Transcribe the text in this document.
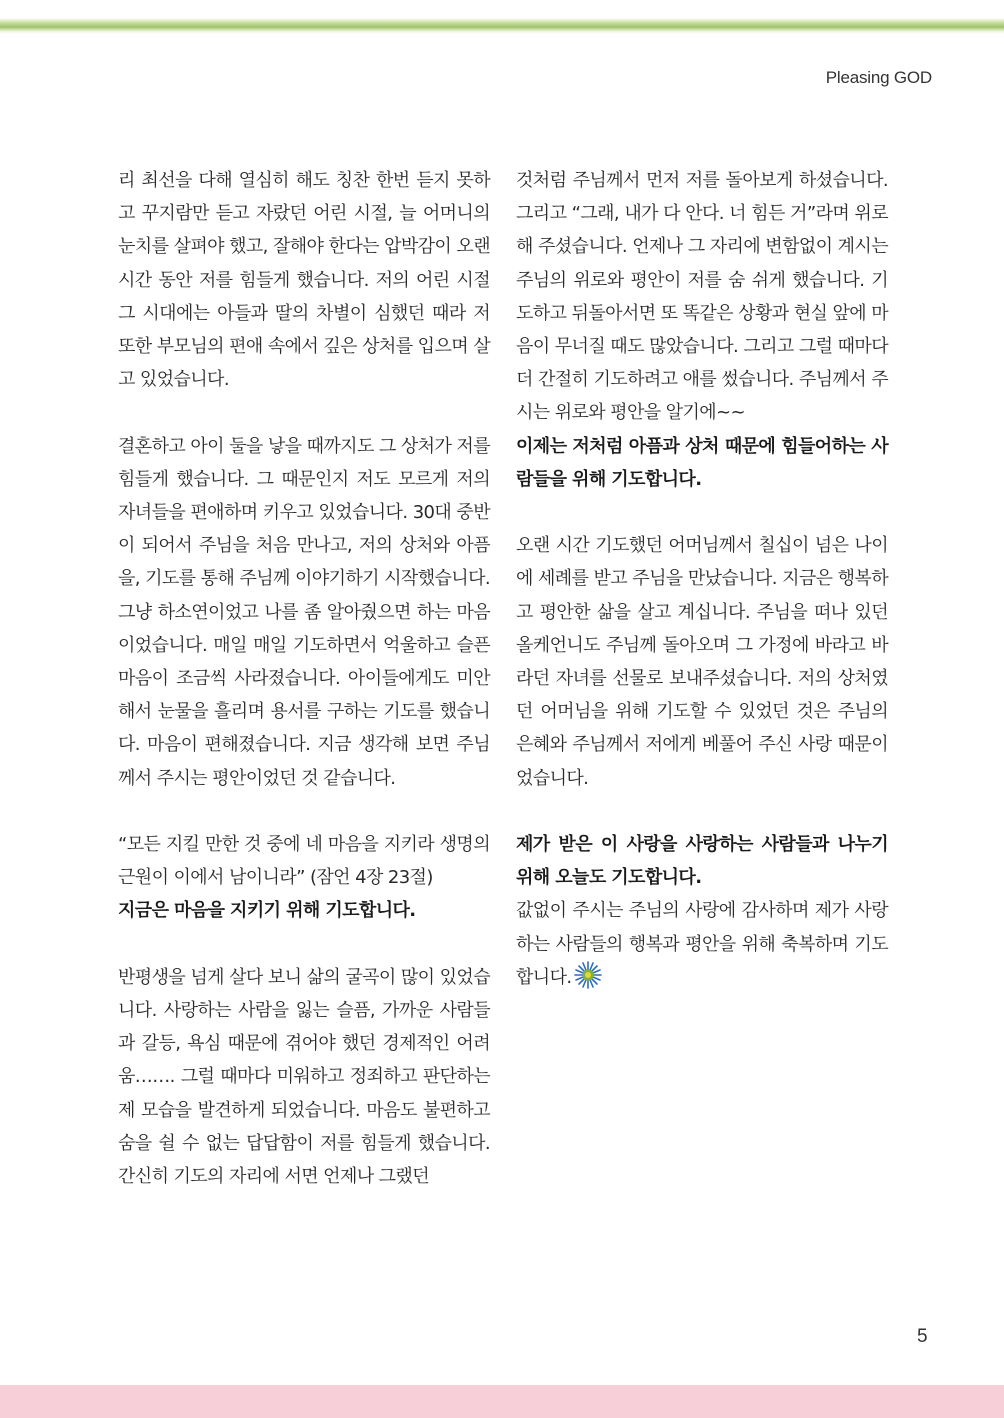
Pleasing GOD

리 최선을 다해 열심히 해도 칭찬 한번 듣지 못하고 꾸지람만 듣고 자랐던 어린 시절, 늘 어머니의 눈치를 살펴야 했고, 잘해야 한다는 압박감이 오랜 시간 동안 저를 힘들게 했습니다. 저의 어린 시절 그 시대에는 아들과 딸의 차별이 심했던 때라 저 또한 부모님의 편애 속에서 깊은 상처를 입으며 살고 있었습니다.

결혼하고 아이 둘을 낳을 때까지도 그 상처가 저를 힘들게 했습니다. 그 때문인지 저도 모르게 저의 자녀들을 편애하며 키우고 있었습니다. 30대 중반이 되어서 주님을 처음 만나고, 저의 상처와 아픔을, 기도를 통해 주님께 이야기하기 시작했습니다. 그냥 하소연이었고 나를 좀 알아줬으면 하는 마음이었습니다. 매일 매일 기도하면서 억울하고 슬픈 마음이 조금씩 사라졌습니다. 아이들에게도 미안해서 눈물을 흘리며 용서를 구하는 기도를 했습니다. 마음이 편해졌습니다. 지금 생각해 보면 주님께서 주시는 평안이었던 것 같습니다.

“모든 지킬 만한 것 중에 네 마음을 지키라 생명의 근원이 이에서 남이니라” (잠언 4장 23절)
지금은 마음을 지키기 위해 기도합니다.

반평생을 넘게 살다 보니 삶의 굴곡이 많이 있었습니다. 사랑하는 사람을 잃는 슬픔, 가까운 사람들과 갈등, 욕심 때문에 겪어야 했던 경제적인 어려움……. 그럴 때마다 미워하고 정죄하고 판단하는 제 모습을 발견하게 되었습니다. 마음도 불편하고 숨을 쉴 수 없는 답답함이 저를 힘들게 했습니다. 간신히 기도의 자리에 서면 언제나 그랬던

것처럼 주님께서 먼저 저를 돌아보게 하셨습니다. 그리고 “그래, 내가 다 안다. 너 힘든 거”라며 위로해 주셨습니다. 언제나 그 자리에 변함없이 계시는 주님의 위로와 평안이 저를 숨 쉬게 했습니다. 기도하고 뒤돌아서면 또 똑같은 상황과 현실 앞에 마음이 무너질 때도 많았습니다. 그리고 그럴 때마다 더 간절히 기도하려고 애를 썼습니다. 주님께서 주시는 위로와 평안을 알기에~~
이제는 저처럼 아픔과 상처 때문에 힘들어하는 사람들을 위해 기도합니다.

오랜 시간 기도했던 어머님께서 칠십이 넘은 나이에 세례를 받고 주님을 만났습니다. 지금은 행복하고 평안한 삶을 살고 계십니다. 주님을 떠나 있던 올케언니도 주님께 돌아오며 그 가정에 바라고 바라던 자녀를 선물로 보내주셨습니다. 저의 상처였던 어머님을 위해 기도할 수 있었던 것은 주님의 은혜와 주님께서 저에게 베풀어 주신 사랑 때문이었습니다.

제가 받은 이 사랑을 사랑하는 사람들과 나누기 위해 오늘도 기도합니다.
값없이 주시는 주님의 사랑에 감사하며 제가 사랑하는 사람들의 행복과 평안을 위해 축복하며 기도합니다.
5
